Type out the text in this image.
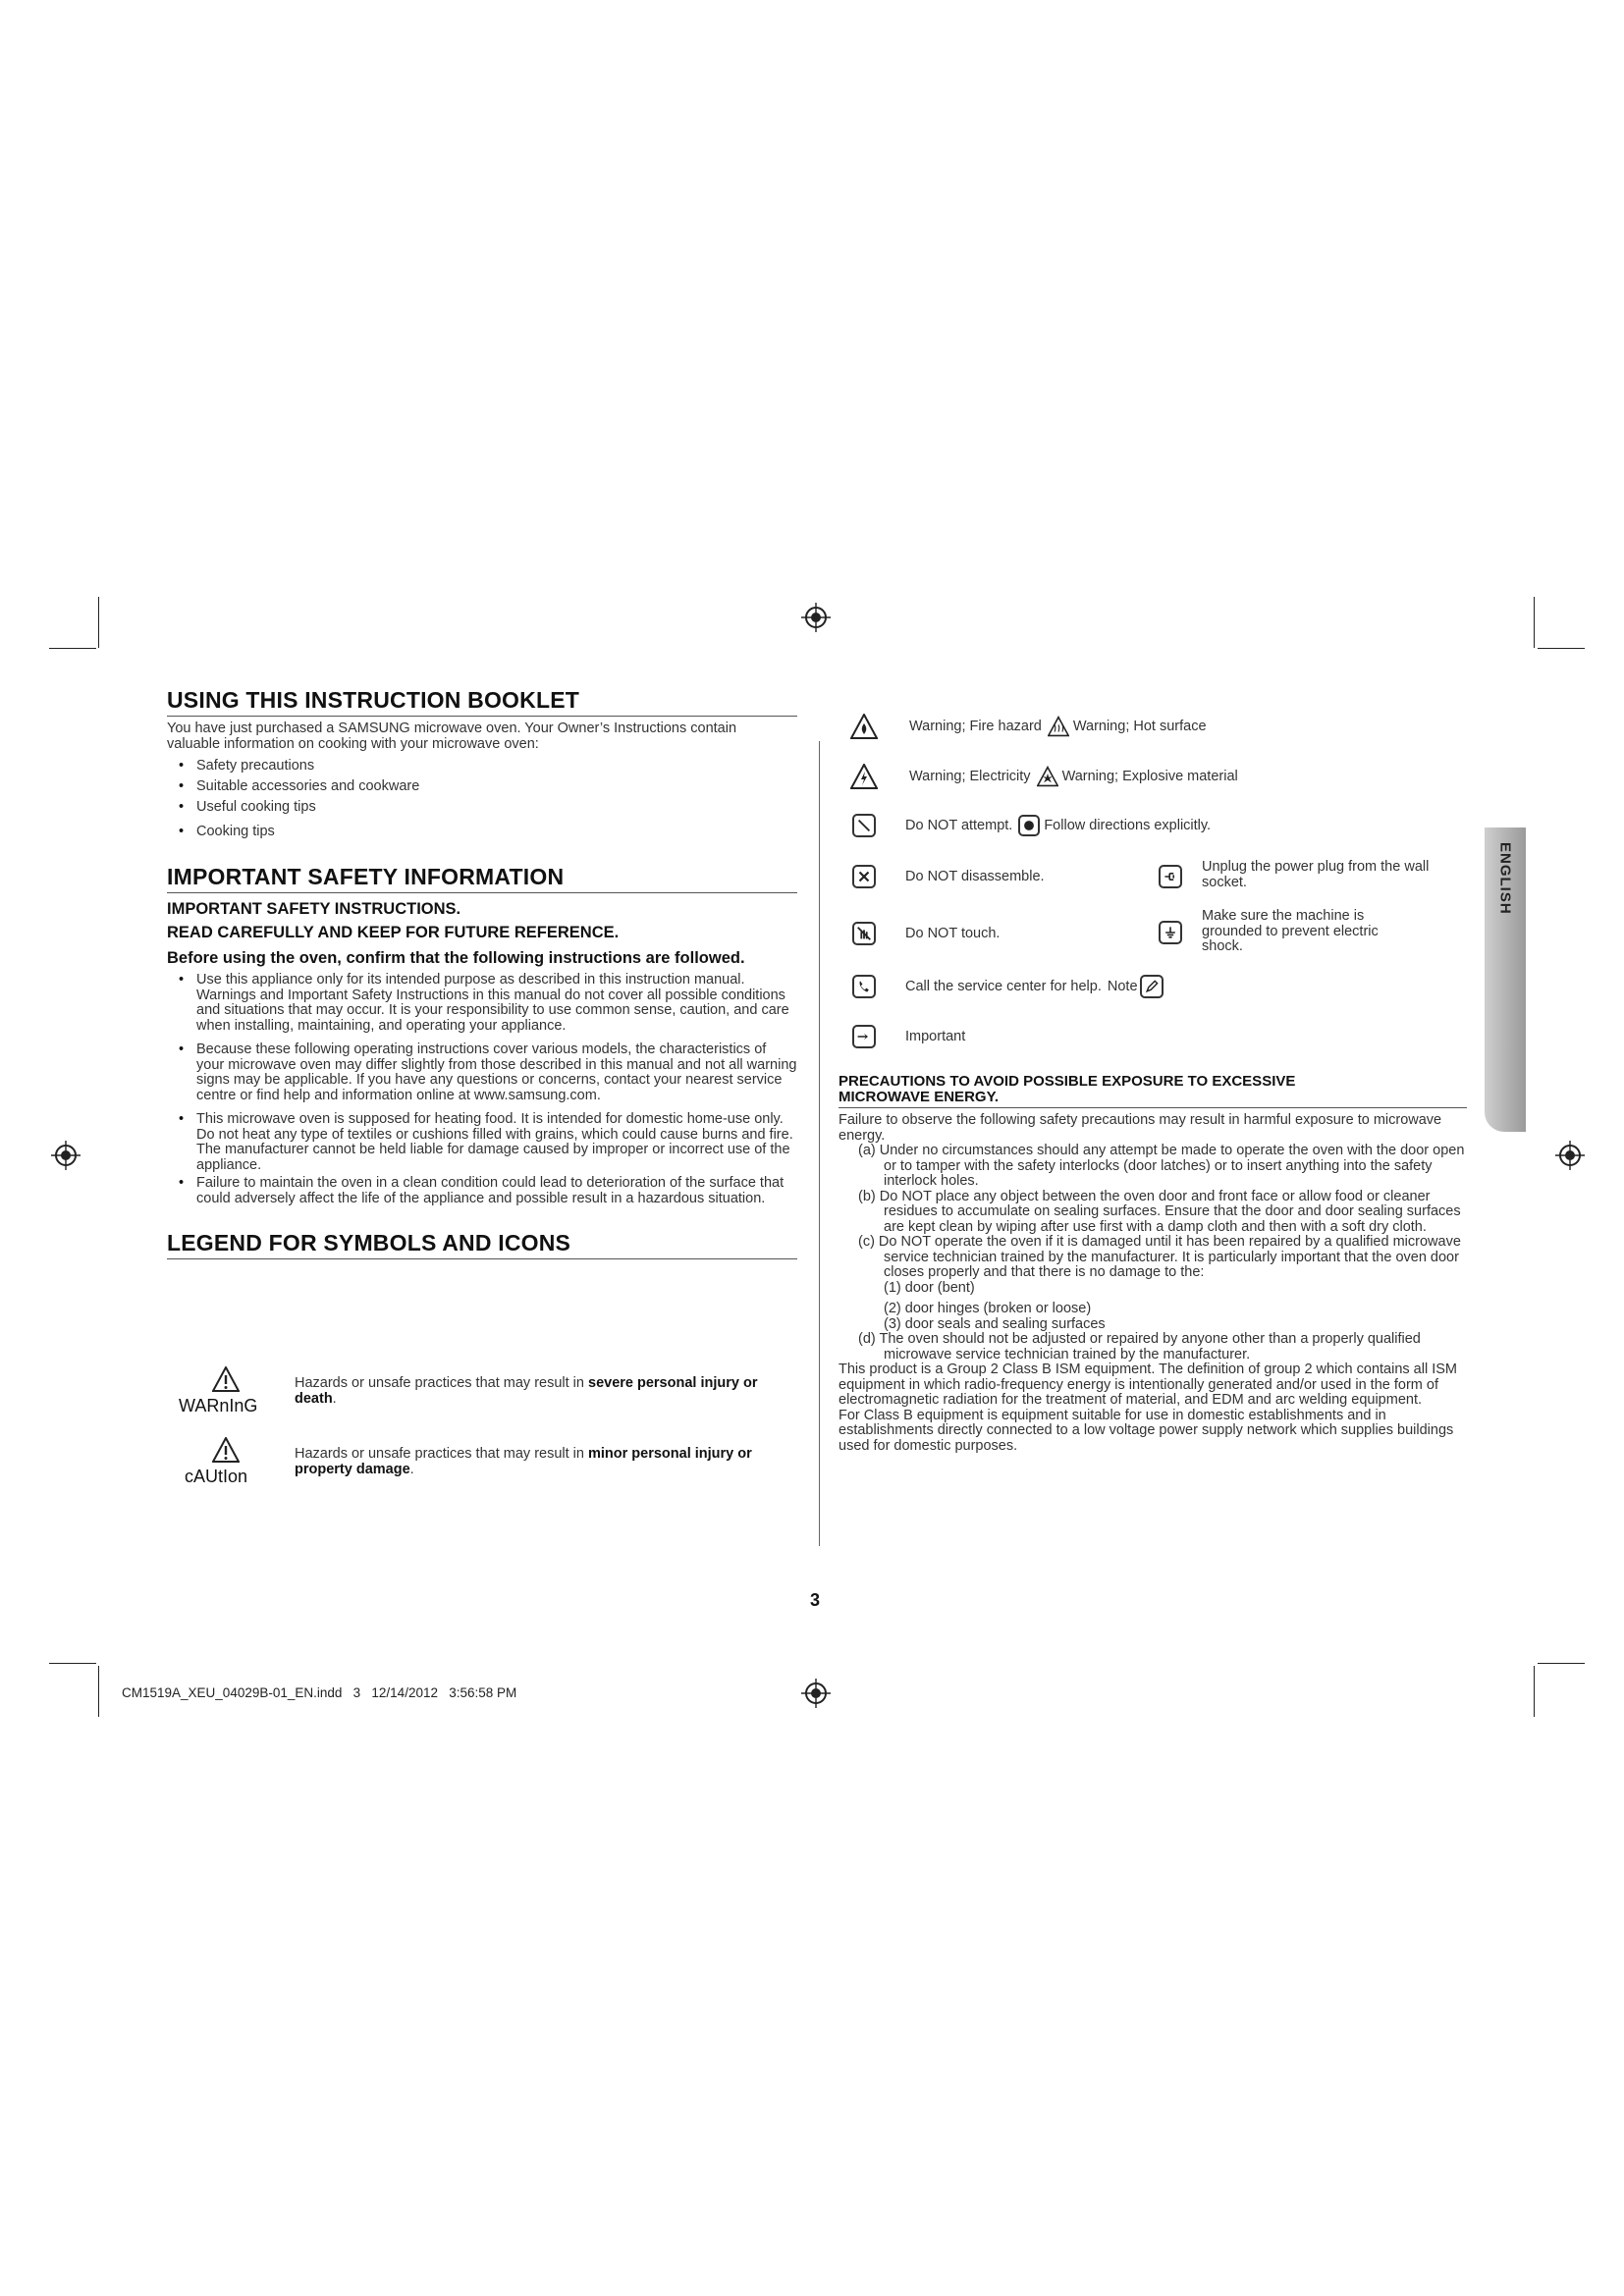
ENGLISH
USING THIS INSTRUCTION BOOKLET
You have just purchased a SAMSUNG microwave oven. Your Owner’s Instructions contain valuable information on cooking with your microwave oven:
• Safety precautions
• Suitable accessories and cookware
• Useful cooking tips
• Cooking tips
IMPORTANT SAFETY INFORMATION
IMPORTANT SAFETY INSTRUCTIONS.
READ CAREFULLY AND KEEP FOR FUTURE REFERENCE.
Before using the oven, confirm that the following instructions are followed.
• Use this appliance only for its intended purpose as described in this instruction manual. Warnings and Important Safety Instructions in this manual do not cover all possible conditions and situations that may occur. It is your responsibility to use common sense, caution, and care when installing, maintaining, and operating your appliance.
• Because these following operating instructions cover various models, the characteristics of your microwave oven may differ slightly from those described in this manual and not all warning signs may be applicable. If you have any questions or concerns, contact your nearest service centre or find help and information online at www.samsung.com.
• This microwave oven is supposed for heating food. It is intended for domestic home-use only. Do not heat any type of textiles or cushions filled with grains, which could cause burns and fire. The manufacturer cannot be held liable for damage caused by improper or incorrect use of the appliance.
• Failure to maintain the oven in a clean condition could lead to deterioration of the surface that could adversely affect the life of the appliance and possible result in a hazardous situation.
LEGEND FOR SYMBOLS AND ICONS
WARnInG
Hazards or unsafe practices that may result in severe personal injury or death.
cAUtIon
Hazards or unsafe practices that may result in minor personal injury or property damage.
Warning; Fire hazard Warning; Hot surface
Warning; Electricity Warning; Explosive material
Do NOT attempt. Follow directions explicitly.
Do NOT disassemble.
Unplug the power plug from the wall socket.
Do NOT touch.
Make sure the machine is grounded to prevent electric shock.
Call the service center for help. Note
Important
PRECAUTIONS TO AVOID POSSIBLE EXPOSURE TO EXCESSIVE MICROWAVE ENERGY.
Failure to observe the following safety precautions may result in harmful exposure to microwave energy.
(a) Under no circumstances should any attempt be made to operate the oven with the door open or to tamper with the safety interlocks (door latches) or to insert anything into the safety interlock holes.
(b) Do NOT place any object between the oven door and front face or allow food or cleaner residues to accumulate on sealing surfaces. Ensure that the door and door sealing surfaces are kept clean by wiping after use first with a damp cloth and then with a soft dry cloth.
(c) Do NOT operate the oven if it is damaged until it has been repaired by a qualified microwave service technician trained by the manufacturer. It is particularly important that the oven door closes properly and that there is no damage to the:
(1) door (bent)
(2) door hinges (broken or loose)
(3) door seals and sealing surfaces
(d) The oven should not be adjusted or repaired by anyone other than a properly qualified microwave service technician trained by the manufacturer.
This product is a Group 2 Class B ISM equipment. The definition of group 2 which contains all ISM equipment in which radio-frequency energy is intentionally generated and/or used in the form of electromagnetic radiation for the treatment of material, and EDM and arc welding equipment.
For Class B equipment is equipment suitable for use in domestic establishments and in establishments directly connected to a low voltage power supply network which supplies buildings used for domestic purposes.
3
CM1519A_XEU_04029B-01_EN.indd   3   12/14/2012   3:56:58 PM
